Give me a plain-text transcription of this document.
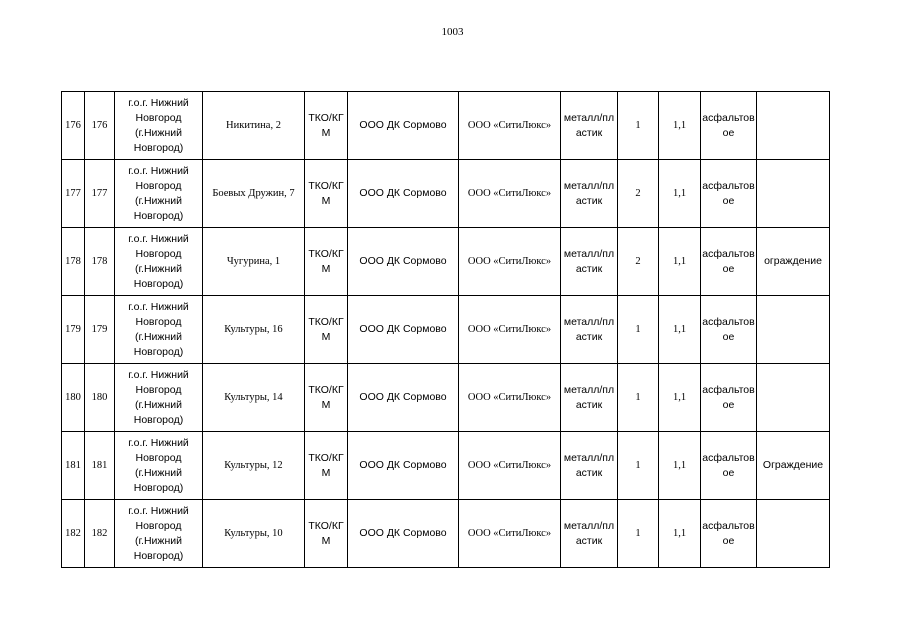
1003
176	176	г.о.г. Нижний Новгород (г.Нижний Новгород)	Никитина, 2	ТКО/КГМ	ООО ДК Сормово	ООО «СитиЛюкс»	металл/пластик	1	1,1	асфальтовое	
177	177	г.о.г. Нижний Новгород (г.Нижний Новгород)	Боевых Дружин, 7	ТКО/КГМ	ООО ДК Сормово	ООО «СитиЛюкс»	металл/пластик	2	1,1	асфальтовое	
178	178	г.о.г. Нижний Новгород (г.Нижний Новгород)	Чугурина, 1	ТКО/КГМ	ООО ДК Сормово	ООО «СитиЛюкс»	металл/пластик	2	1,1	асфальтовое	ограждение
179	179	г.о.г. Нижний Новгород (г.Нижний Новгород)	Культуры, 16	ТКО/КГМ	ООО ДК Сормово	ООО «СитиЛюкс»	металл/пластик	1	1,1	асфальтовое	
180	180	г.о.г. Нижний Новгород (г.Нижний Новгород)	Культуры, 14	ТКО/КГМ	ООО ДК Сормово	ООО «СитиЛюкс»	металл/пластик	1	1,1	асфальтовое	
181	181	г.о.г. Нижний Новгород (г.Нижний Новгород)	Культуры, 12	ТКО/КГМ	ООО ДК Сормово	ООО «СитиЛюкс»	металл/пластик	1	1,1	асфальтовое	Ограждение
182	182	г.о.г. Нижний Новгород (г.Нижний Новгород)	Культуры, 10	ТКО/КГМ	ООО ДК Сормово	ООО «СитиЛюкс»	металл/пластик	1	1,1	асфальтовое	
